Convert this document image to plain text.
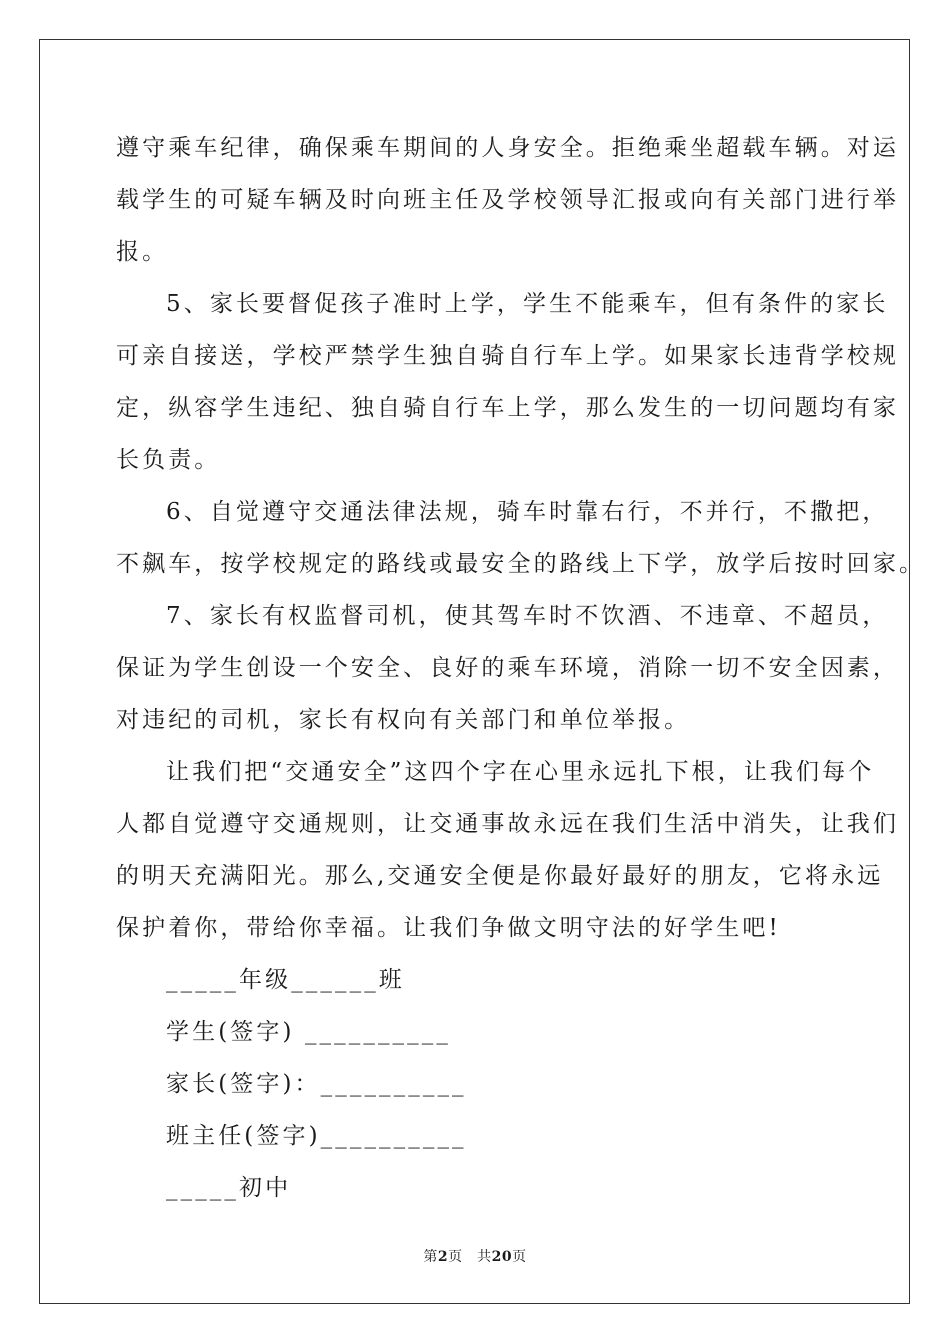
遵守乘车纪律，确保乘车期间的人身安全。拒绝乘坐超载车辆。对运
载学生的可疑车辆及时向班主任及学校领导汇报或向有关部门进行举
报。
5、家长要督促孩子准时上学，学生不能乘车，但有条件的家长
可亲自接送，学校严禁学生独自骑自行车上学。如果家长违背学校规
定，纵容学生违纪、独自骑自行车上学，那么发生的一切问题均有家
长负责。
6、自觉遵守交通法律法规，骑车时靠右行，不并行，不撒把，
不飙车，按学校规定的路线或最安全的路线上下学，放学后按时回家。
7、家长有权监督司机，使其驾车时不饮酒、不违章、不超员，
保证为学生创设一个安全、良好的乘车环境，消除一切不安全因素，
对违纪的司机，家长有权向有关部门和单位举报。
让我们把“交通安全”这四个字在心里永远扎下根，让我们每个
人都自觉遵守交通规则，让交通事故永远在我们生活中消失，让我们
的明天充满阳光。那么,交通安全便是你最好最好的朋友，它将永远
保护着你，带给你幸福。让我们争做文明守法的好学生吧!
_____年级______班
学生(签字) __________
家长(签字)：__________
班主任(签字)__________
_____初中
第2页　共20页
